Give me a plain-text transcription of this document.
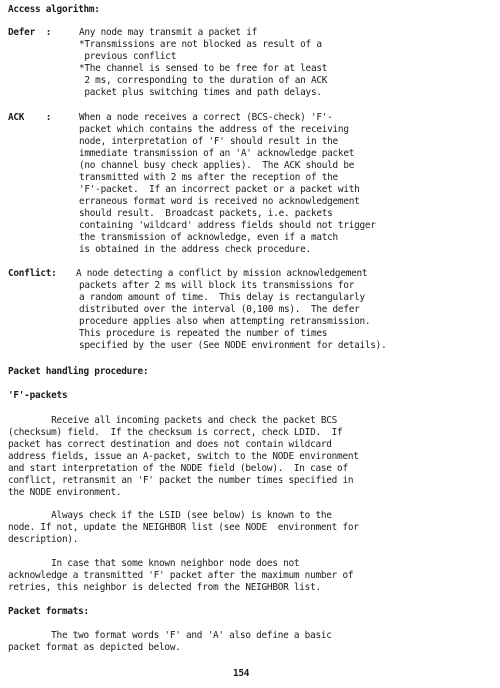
Access algorithm:
Defer  :	Any node may transmit a packet if
*Transmissions are not blocked as result of a
previous conflict
*The channel is sensed to be free for at least
2 ms, corresponding to the duration of an ACK
packet plus switching times and path delays.
ACK    :	When a node receives a correct (BCS-check) 'F'-
packet which contains the address of the receiving
node, interpretation of 'F' should result in the
immediate transmission of an 'A' acknowledge packet
(no channel busy check applies).  The ACK should be
transmitted with 2 ms after the reception of the
'F'-packet.  If an incorrect packet or a packet with
erraneous format word is received no acknowledgement
should result.  Broadcast packets, i.e. packets
containing 'wildcard' address fields should not trigger
the transmission of acknowledge, even if a match
is obtained in the address check procedure.
Conflict: A node detecting a conflict by mission acknowledgement
packets after 2 ms will block its transmissions for
a random amount of time.  This delay is rectangularly
distributed over the interval (0,100 ms).  The defer
procedure applies also when attempting retransmission.
This procedure is repeated the number of times
specified by the user (See NODE environment for details).
Packet handling procedure:
'F'-packets
Receive all incoming packets and check the packet BCS
(checksum) field.  If the checksum is correct, check LDID.  If
packet has correct destination and does not contain wildcard
address fields, issue an A-packet, switch to the NODE environment
and start interpretation of the NODE field (below).  In case of
conflict, retransmit an 'F' packet the number times specified in
the NODE environment.
Always check if the LSID (see below) is known to the
node. If not, update the NEIGHBOR list (see NODE  environment for
description).
In case that some known neighbor node does not
acknowledge a transmitted 'F' packet after the maximum number of
retries, this neighbor is delected from the NEIGHBOR list.
Packet formats:
The two format words 'F' and 'A' also define a basic
packet format as depicted below.
154
